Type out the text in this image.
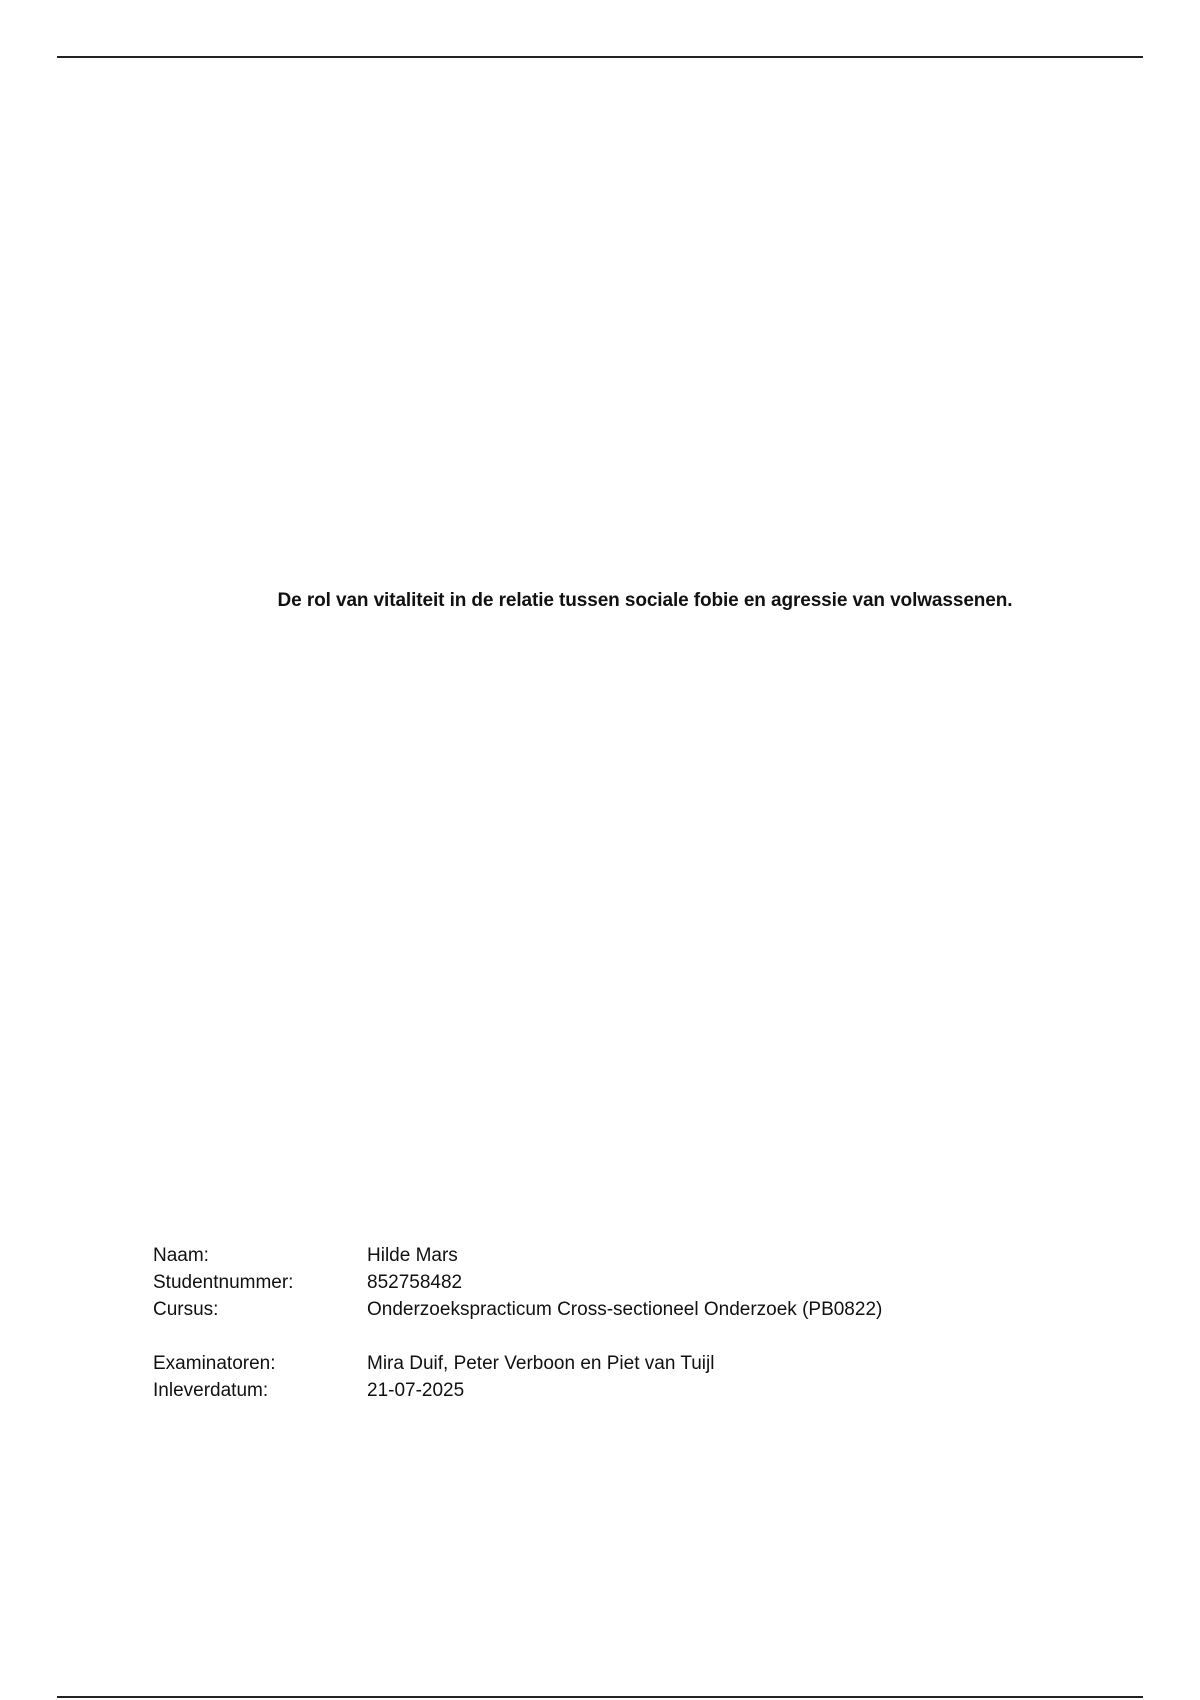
De rol van vitaliteit in de relatie tussen sociale fobie en agressie van volwassenen.
Naam:	Hilde Mars
Studentnummer:	852758482
Cursus:	Onderzoekspracticum Cross-sectioneel Onderzoek (PB0822)
Examinatoren:	Mira Duif, Peter Verboon en Piet van Tuijl
Inleverdatum:	21-07-2025
